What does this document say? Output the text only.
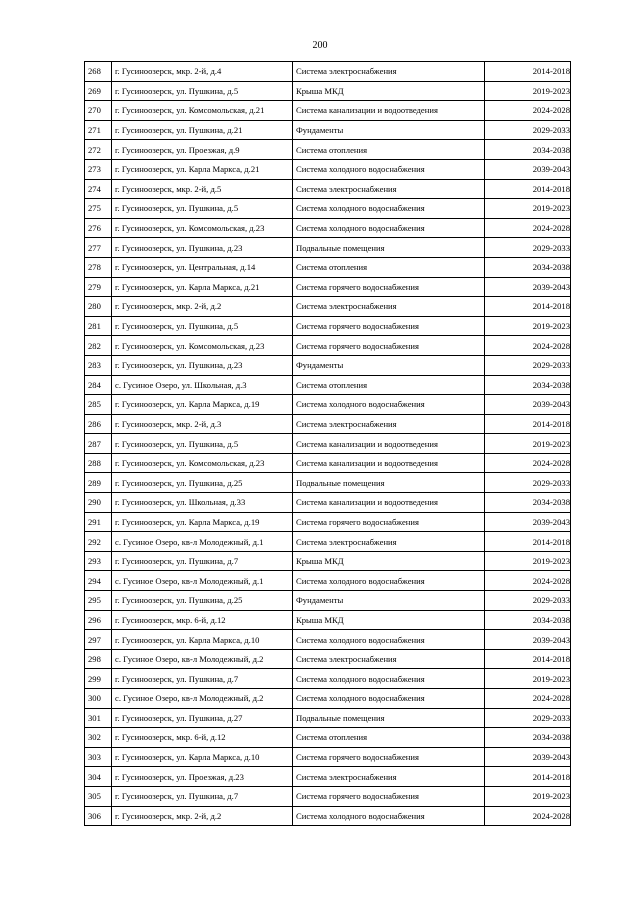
200
268	г. Гусиноозерск, мкр. 2-й, д.4	Система электроснабжения	2014-2018
269	г. Гусиноозерск, ул. Пушкина, д.5	Крыша МКД	2019-2023
270	г. Гусиноозерск, ул. Комсомольская, д.21	Система канализации и водоотведения	2024-2028
271	г. Гусиноозерск, ул. Пушкина, д.21	Фундаменты	2029-2033
272	г. Гусиноозерск, ул. Проезжая, д.9	Система отопления	2034-2038
273	г. Гусиноозерск, ул. Карла Маркса, д.21	Система холодного водоснабжения	2039-2043
274	г. Гусиноозерск, мкр. 2-й, д.5	Система электроснабжения	2014-2018
275	г. Гусиноозерск, ул. Пушкина, д.5	Система холодного водоснабжения	2019-2023
276	г. Гусиноозерск, ул. Комсомольская, д.23	Система холодного водоснабжения	2024-2028
277	г. Гусиноозерск, ул. Пушкина, д.23	Подвальные помещения	2029-2033
278	г. Гусиноозерск, ул. Центральная, д.14	Система отопления	2034-2038
279	г. Гусиноозерск, ул. Карла Маркса, д.21	Система горячего водоснабжения	2039-2043
280	г. Гусиноозерск, мкр. 2-й, д.2	Система электроснабжения	2014-2018
281	г. Гусиноозерск, ул. Пушкина, д.5	Система горячего водоснабжения	2019-2023
282	г. Гусиноозерск, ул. Комсомольская, д.23	Система горячего водоснабжения	2024-2028
283	г. Гусиноозерск, ул. Пушкина, д.23	Фундаменты	2029-2033
284	с. Гусиное Озеро, ул. Школьная, д.3	Система отопления	2034-2038
285	г. Гусиноозерск, ул. Карла Маркса, д.19	Система холодного водоснабжения	2039-2043
286	г. Гусиноозерск, мкр. 2-й, д.3	Система электроснабжения	2014-2018
287	г. Гусиноозерск, ул. Пушкина, д.5	Система канализации и водоотведения	2019-2023
288	г. Гусиноозерск, ул. Комсомольская, д.23	Система канализации и водоотведения	2024-2028
289	г. Гусиноозерск, ул. Пушкина, д.25	Подвальные помещения	2029-2033
290	г. Гусиноозерск, ул. Школьная, д.33	Система канализации и водоотведения	2034-2038
291	г. Гусиноозерск, ул. Карла Маркса, д.19	Система горячего водоснабжения	2039-2043
292	с. Гусиное Озеро, кв-л Молодежный, д.1	Система электроснабжения	2014-2018
293	г. Гусиноозерск, ул. Пушкина, д.7	Крыша МКД	2019-2023
294	с. Гусиное Озеро, кв-л Молодежный, д.1	Система холодного водоснабжения	2024-2028
295	г. Гусиноозерск, ул. Пушкина, д.25	Фундаменты	2029-2033
296	г. Гусиноозерск, мкр. 6-й, д.12	Крыша МКД	2034-2038
297	г. Гусиноозерск, ул. Карла Маркса, д.10	Система холодного водоснабжения	2039-2043
298	с. Гусиное Озеро, кв-л Молодежный, д.2	Система электроснабжения	2014-2018
299	г. Гусиноозерск, ул. Пушкина, д.7	Система холодного водоснабжения	2019-2023
300	с. Гусиное Озеро, кв-л Молодежный, д.2	Система холодного водоснабжения	2024-2028
301	г. Гусиноозерск, ул. Пушкина, д.27	Подвальные помещения	2029-2033
302	г. Гусиноозерск, мкр. 6-й, д.12	Система отопления	2034-2038
303	г. Гусиноозерск, ул. Карла Маркса, д.10	Система горячего водоснабжения	2039-2043
304	г. Гусиноозерск, ул. Проезжая, д.23	Система электроснабжения	2014-2018
305	г. Гусиноозерск, ул. Пушкина, д.7	Система горячего водоснабжения	2019-2023
306	г. Гусиноозерск, мкр. 2-й, д.2	Система холодного водоснабжения	2024-2028
